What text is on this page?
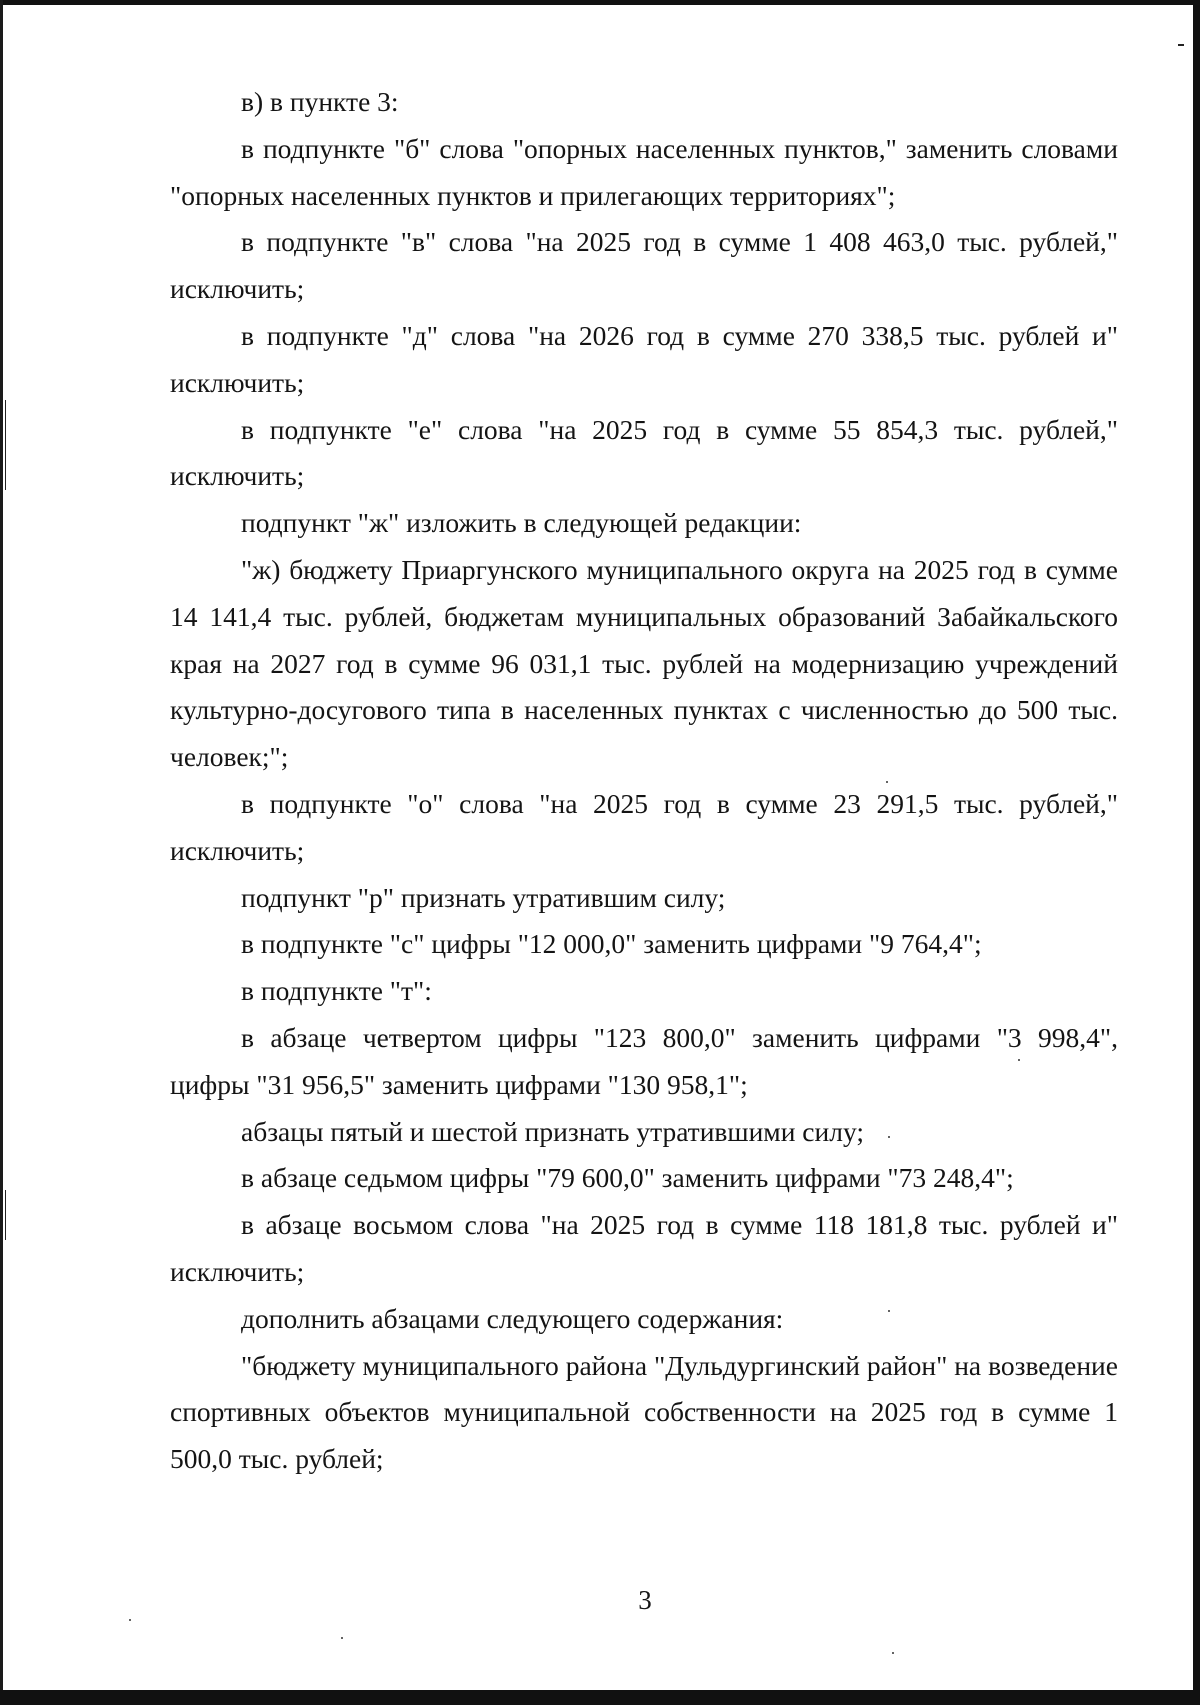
в) в пункте 3:

в подпункте "б" слова "опорных населенных пунктов," заменить словами "опорных населенных пунктов и прилегающих территориях";

в подпункте "в" слова "на 2025 год в сумме 1 408 463,0 тыс. рублей," исключить;

в подпункте "д" слова "на 2026 год в сумме 270 338,5 тыс. рублей и" исключить;

в подпункте "е" слова "на 2025 год в сумме 55 854,3 тыс. рублей," исключить;

подпункт "ж" изложить в следующей редакции:

"ж) бюджету Приаргунского муниципального округа на 2025 год в сумме 14 141,4 тыс. рублей, бюджетам муниципальных образований Забайкальского края на 2027 год в сумме 96 031,1 тыс. рублей на модернизацию учреждений культурно-досугового типа в населенных пунктах с численностью до 500 тыс. человек;";

в подпункте "о" слова "на 2025 год в сумме 23 291,5 тыс. рублей," исключить;

подпункт "р" признать утратившим силу;

в подпункте "с" цифры "12 000,0" заменить цифрами "9 764,4";

в подпункте "т":

в абзаце четвертом цифры "123 800,0" заменить цифрами "3 998,4", цифры "31 956,5" заменить цифрами "130 958,1";

абзацы пятый и шестой признать утратившими силу;

в абзаце седьмом цифры "79 600,0" заменить цифрами "73 248,4";

в абзаце восьмом слова "на 2025 год в сумме 118 181,8 тыс. рублей и" исключить;

дополнить абзацами следующего содержания:

"бюджету муниципального района "Дульдургинский район" на возведение спортивных объектов муниципальной собственности на 2025 год в сумме 1 500,0 тыс. рублей;

3
